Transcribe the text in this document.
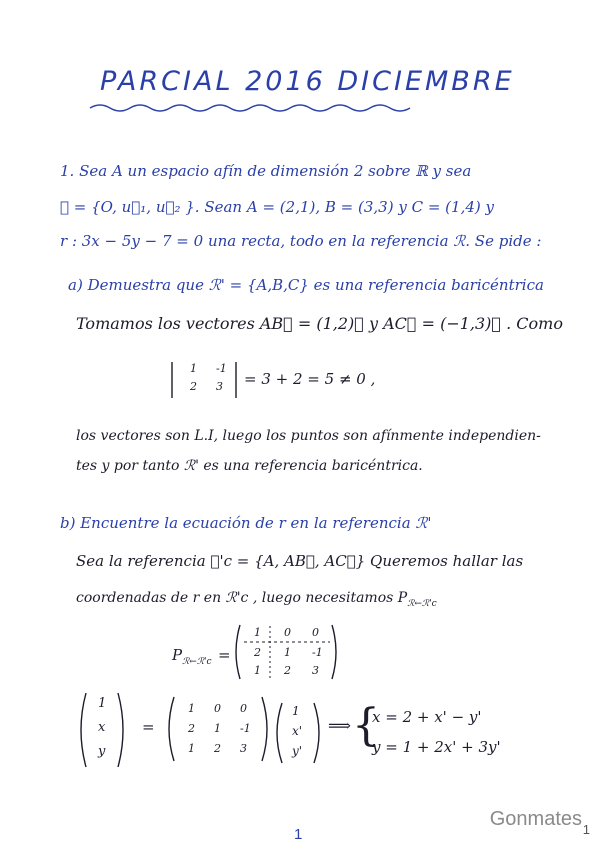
PARCIAL 2016 DICIEMBRE
1. Sea A un espacio afín de dimensión 2 sobre ℝ y sea
ℛ = {O, u⃗₁, u⃗₂ }. Sean A = (2,1), B = (3,3) y C = (1,4) y
r : 3x − 5y − 7 = 0 una recta, todo en la referencia ℛ. Se pide :
a) Demuestra que ℛ' = {A,B,C} es una referencia baricéntrica
Tomamos los vectores AB⃗ = (1,2)ℛ y AC⃗ = (−1,3)ℛ . Como
1 -1
2 3 = 3 + 2 = 5 ≠ 0 ,
los vectores son L.I, luego los puntos son afínmente independien-
tes y por tanto ℛ' es una referencia baricéntrica.
b) Encuentre la ecuación de r en la referencia ℛ'
Sea la referencia ℛ'c = {A, AB⃗, AC⃗} Queremos hallar las
coordenadas de r en ℛ'c , luego necesitamos $P_{ℛ\leftarrow ℛ'c}$
$P_{ℛ\leftarrow ℛ'c}$ =
1 0 0
2 1 -1
1 2 3
1
x
y
=
1 0 0
2 1 -1
1 2 3
1
x'
y'
⟹ {
x = 2 + x' − y'
y = 1 + 2x' + 3y'
Gonmates
1	1
